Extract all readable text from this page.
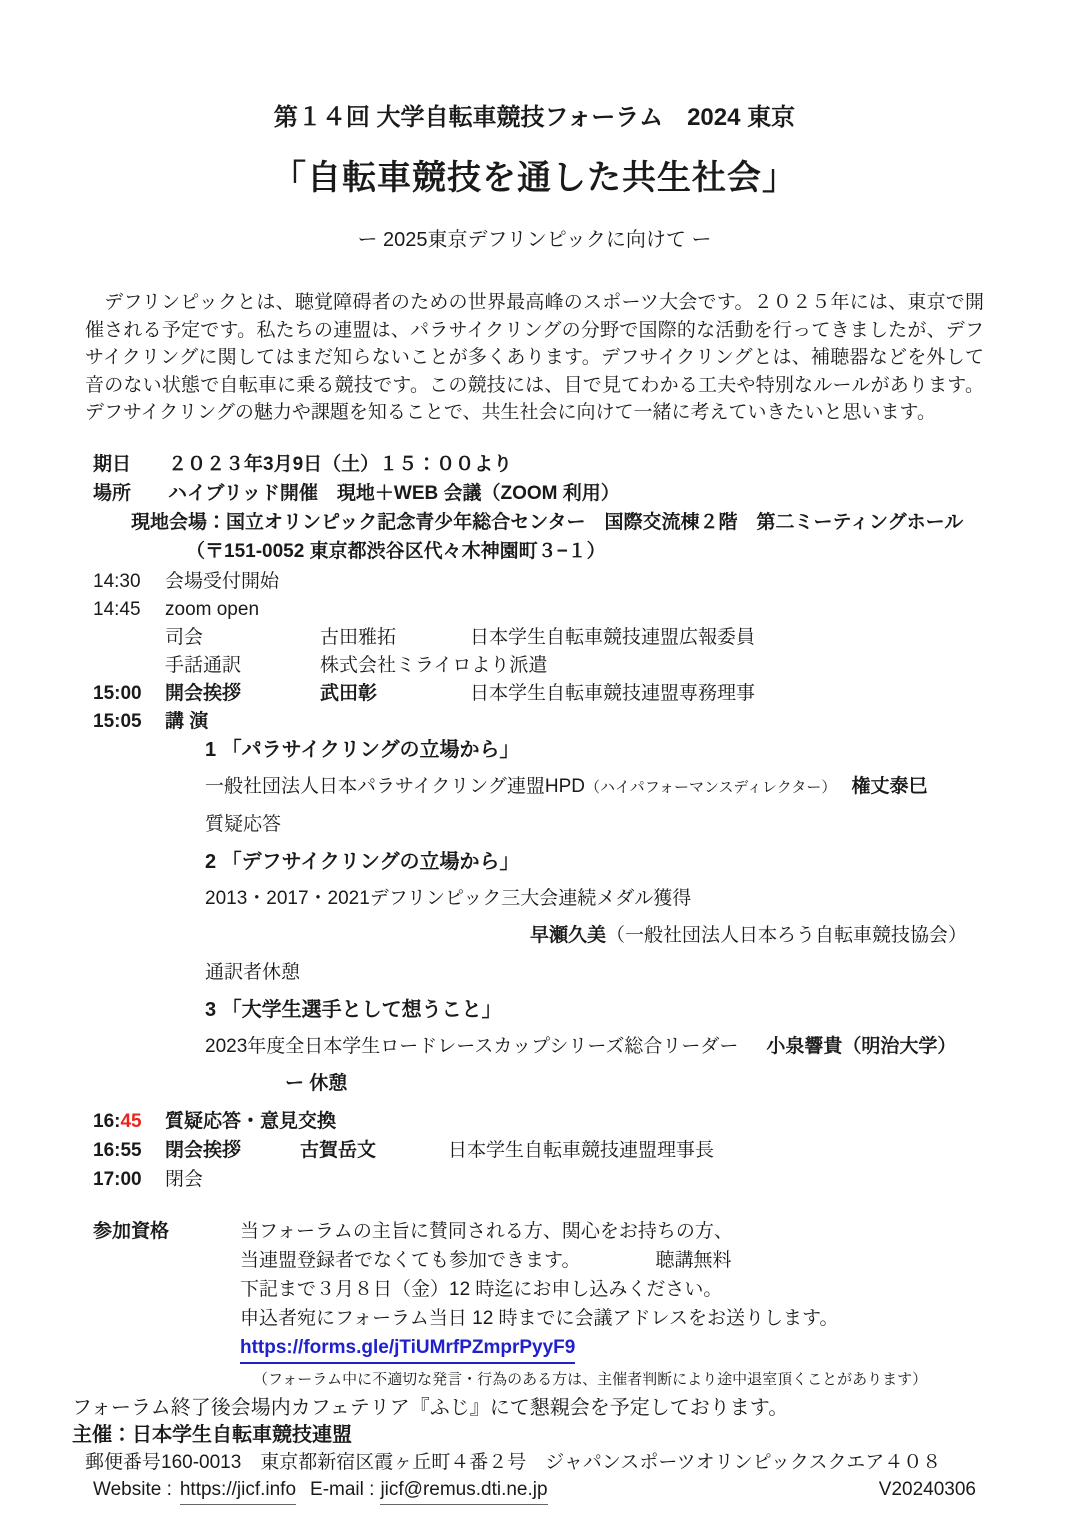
第１４回 大学自転車競技フォーラム　2024 東京
「自転車競技を通した共生社会」
ー 2025東京デフリンピックに向けて ー
　デフリンピックとは、聴覚障碍者のための世界最高峰のスポーツ大会です。２０２５年には、東京で開催される予定です。私たちの連盟は、パラサイクリングの分野で国際的な活動を行ってきましたが、デフサイクリングに関してはまだ知らないことが多くあります。デフサイクリングとは、補聴器などを外して音のない状態で自転車に乗る競技です。この競技には、目で見てわかる工夫や特別なルールがあります。デフサイクリングの魅力や課題を知ることで、共生社会に向けて一緒に考えていきたいと思います。
期日	２０２３年3月9日（土）１５：００より
場所	ハイブリッド開催　現地＋WEB 会議（ZOOM 利用）
現地会場：国立オリンピック記念青少年総合センター　国際交流棟２階　第二ミーティングホール
（〒151-0052 東京都渋谷区代々木神園町３−１）
14:30	会場受付開始
14:45	zoom open
司会	古田雅拓	日本学生自転車競技連盟広報委員
手話通訳	株式会社ミライロより派遣
15:00	開会挨拶	武田彰	日本学生自転車競技連盟専務理事
15:05	講 演
1 「パラサイクリングの立場から」
一般社団法人日本パラサイクリング連盟HPD（ハイパフォーマンスディレクター） 権丈泰巳
質疑応答
2 「デフサイクリングの立場から」
2013・2017・2021デフリンピック三大会連続メダル獲得
早瀬久美（一般社団法人日本ろう自転車競技協会）
通訳者休憩
3 「大学生選手として想うこと」
2023年度全日本学生ロードレースカップシリーズ総合リーダー 小泉響貴（明治大学）
ー 休憩
16:45	質疑応答・意見交換
16:55	閉会挨拶	古賀岳文	日本学生自転車競技連盟理事長
17:00	閉会
参加資格	当フォーラムの主旨に賛同される方、関心をお持ちの方、
当連盟登録者でなくても参加できます。	聴講無料
下記まで３月８日（金）12 時迄にお申し込みください。
申込者宛にフォーラム当日 12 時までに会議アドレスをお送りします。
https://forms.gle/jTiUMrfPZmprPyyF9
（フォーラム中に不適切な発言・行為のある方は、主催者判断により途中退室頂くことがあります）
フォーラム終了後会場内カフェテリア『ふじ』にて懇親会を予定しております。
主催：日本学生自転車競技連盟
郵便番号160-0013　東京都新宿区霞ヶ丘町４番２号　ジャパンスポーツオリンピックスクエア４０８
Website : https://jicf.info E-mail : jicf@remus.dti.ne.jp	V20240306
